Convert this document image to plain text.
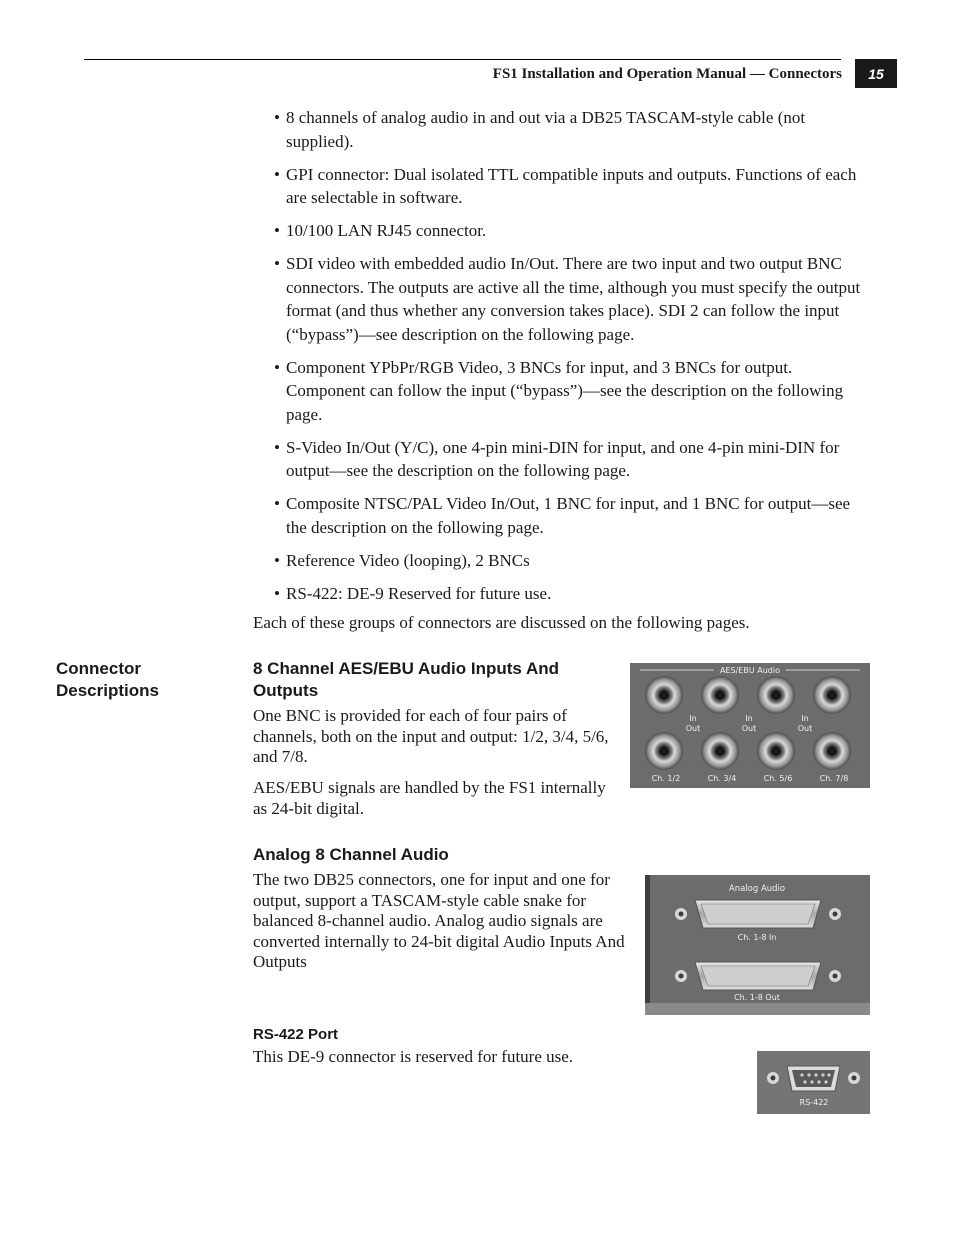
FS1 Installation and Operation Manual — Connectors	15
• 8 channels of analog audio in and out via a DB25 TASCAM-style cable (not supplied).
• GPI connector: Dual isolated TTL compatible inputs and outputs. Functions of each are selectable in software.
• 10/100 LAN RJ45 connector.
• SDI video with embedded audio In/Out. There are two input and two output BNC connectors. The outputs are active all the time, although you must specify the output format (and thus whether any conversion takes place). SDI 2 can follow the input (“bypass”)—see description on the following page.
• Component YPbPr/RGB Video, 3 BNCs for input, and 3 BNCs for output. Component can follow the input (“bypass”)—see the description on the following page.
• S-Video In/Out (Y/C), one 4-pin mini-DIN for input, and one 4-pin mini-DIN for output—see the description on the following page.
• Composite NTSC/PAL Video In/Out, 1 BNC for input, and 1 BNC for output—see the description on the following page.
• Reference Video (looping), 2 BNCs
• RS-422: DE-9 Reserved for future use.

Each of these groups of connectors are discussed on the following pages.

Connector Descriptions
8 Channel AES/EBU Audio Inputs And Outputs

One BNC is provided for each of four pairs of channels, both on the input and output: 1/2, 3/4, 5/6, and 7/8.

AES/EBU signals are handled by the FS1 internally as 24-bit digital.

AES/EBU Audio
In
Out
In
Out
In
Out
Ch. 1/2	Ch. 3/4	Ch. 5/6	Ch. 7/8
Analog 8 Channel Audio

The two DB25 connectors, one for input and one for output, support a TASCAM-style cable snake for balanced 8-channel audio. Analog audio signals are converted internally to 24-bit digital Audio Inputs And Outputs

Analog Audio
Ch. 1-8 In
Ch. 1-8 Out
RS-422 Port

This DE-9 connector is reserved for future use.

RS-422
